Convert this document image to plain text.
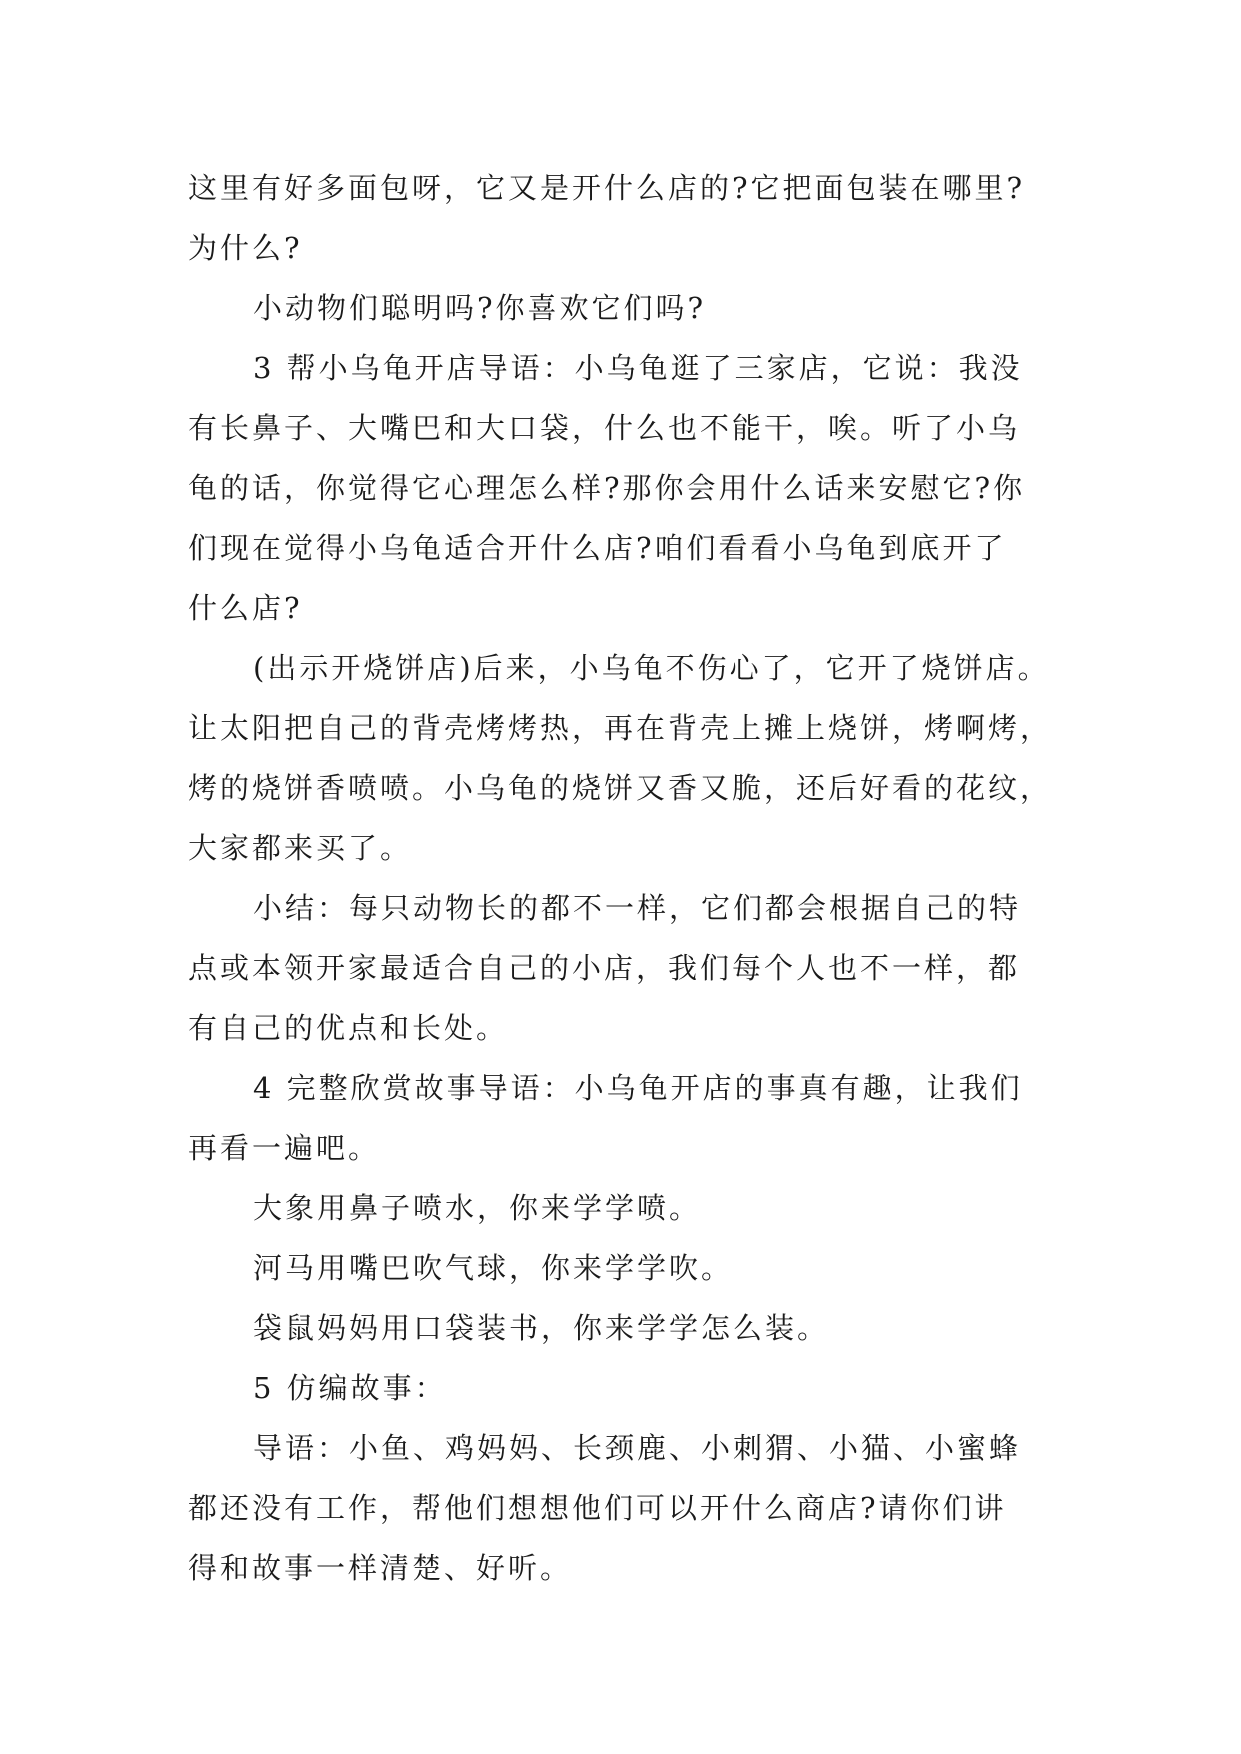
这里有好多面包呀，它又是开什么店的?它把面包装在哪里?

为什么?

小动物们聪明吗?你喜欢它们吗?

3 帮小乌龟开店导语：小乌龟逛了三家店，它说：我没

有长鼻子、大嘴巴和大口袋，什么也不能干，唉。听了小乌

龟的话，你觉得它心理怎么样?那你会用什么话来安慰它?你

们现在觉得小乌龟适合开什么店?咱们看看小乌龟到底开了

什么店?

(出示开烧饼店)后来，小乌龟不伤心了，它开了烧饼店。

让太阳把自己的背壳烤烤热，再在背壳上摊上烧饼，烤啊烤，

烤的烧饼香喷喷。小乌龟的烧饼又香又脆，还后好看的花纹，

大家都来买了。

小结：每只动物长的都不一样，它们都会根据自己的特

点或本领开家最适合自己的小店，我们每个人也不一样，都

有自己的优点和长处。

4 完整欣赏故事导语：小乌龟开店的事真有趣，让我们

再看一遍吧。

大象用鼻子喷水，你来学学喷。

河马用嘴巴吹气球，你来学学吹。

袋鼠妈妈用口袋装书，你来学学怎么装。

5 仿编故事：

导语：小鱼、鸡妈妈、长颈鹿、小刺猬、小猫、小蜜蜂

都还没有工作，帮他们想想他们可以开什么商店?请你们讲

得和故事一样清楚、好听。
